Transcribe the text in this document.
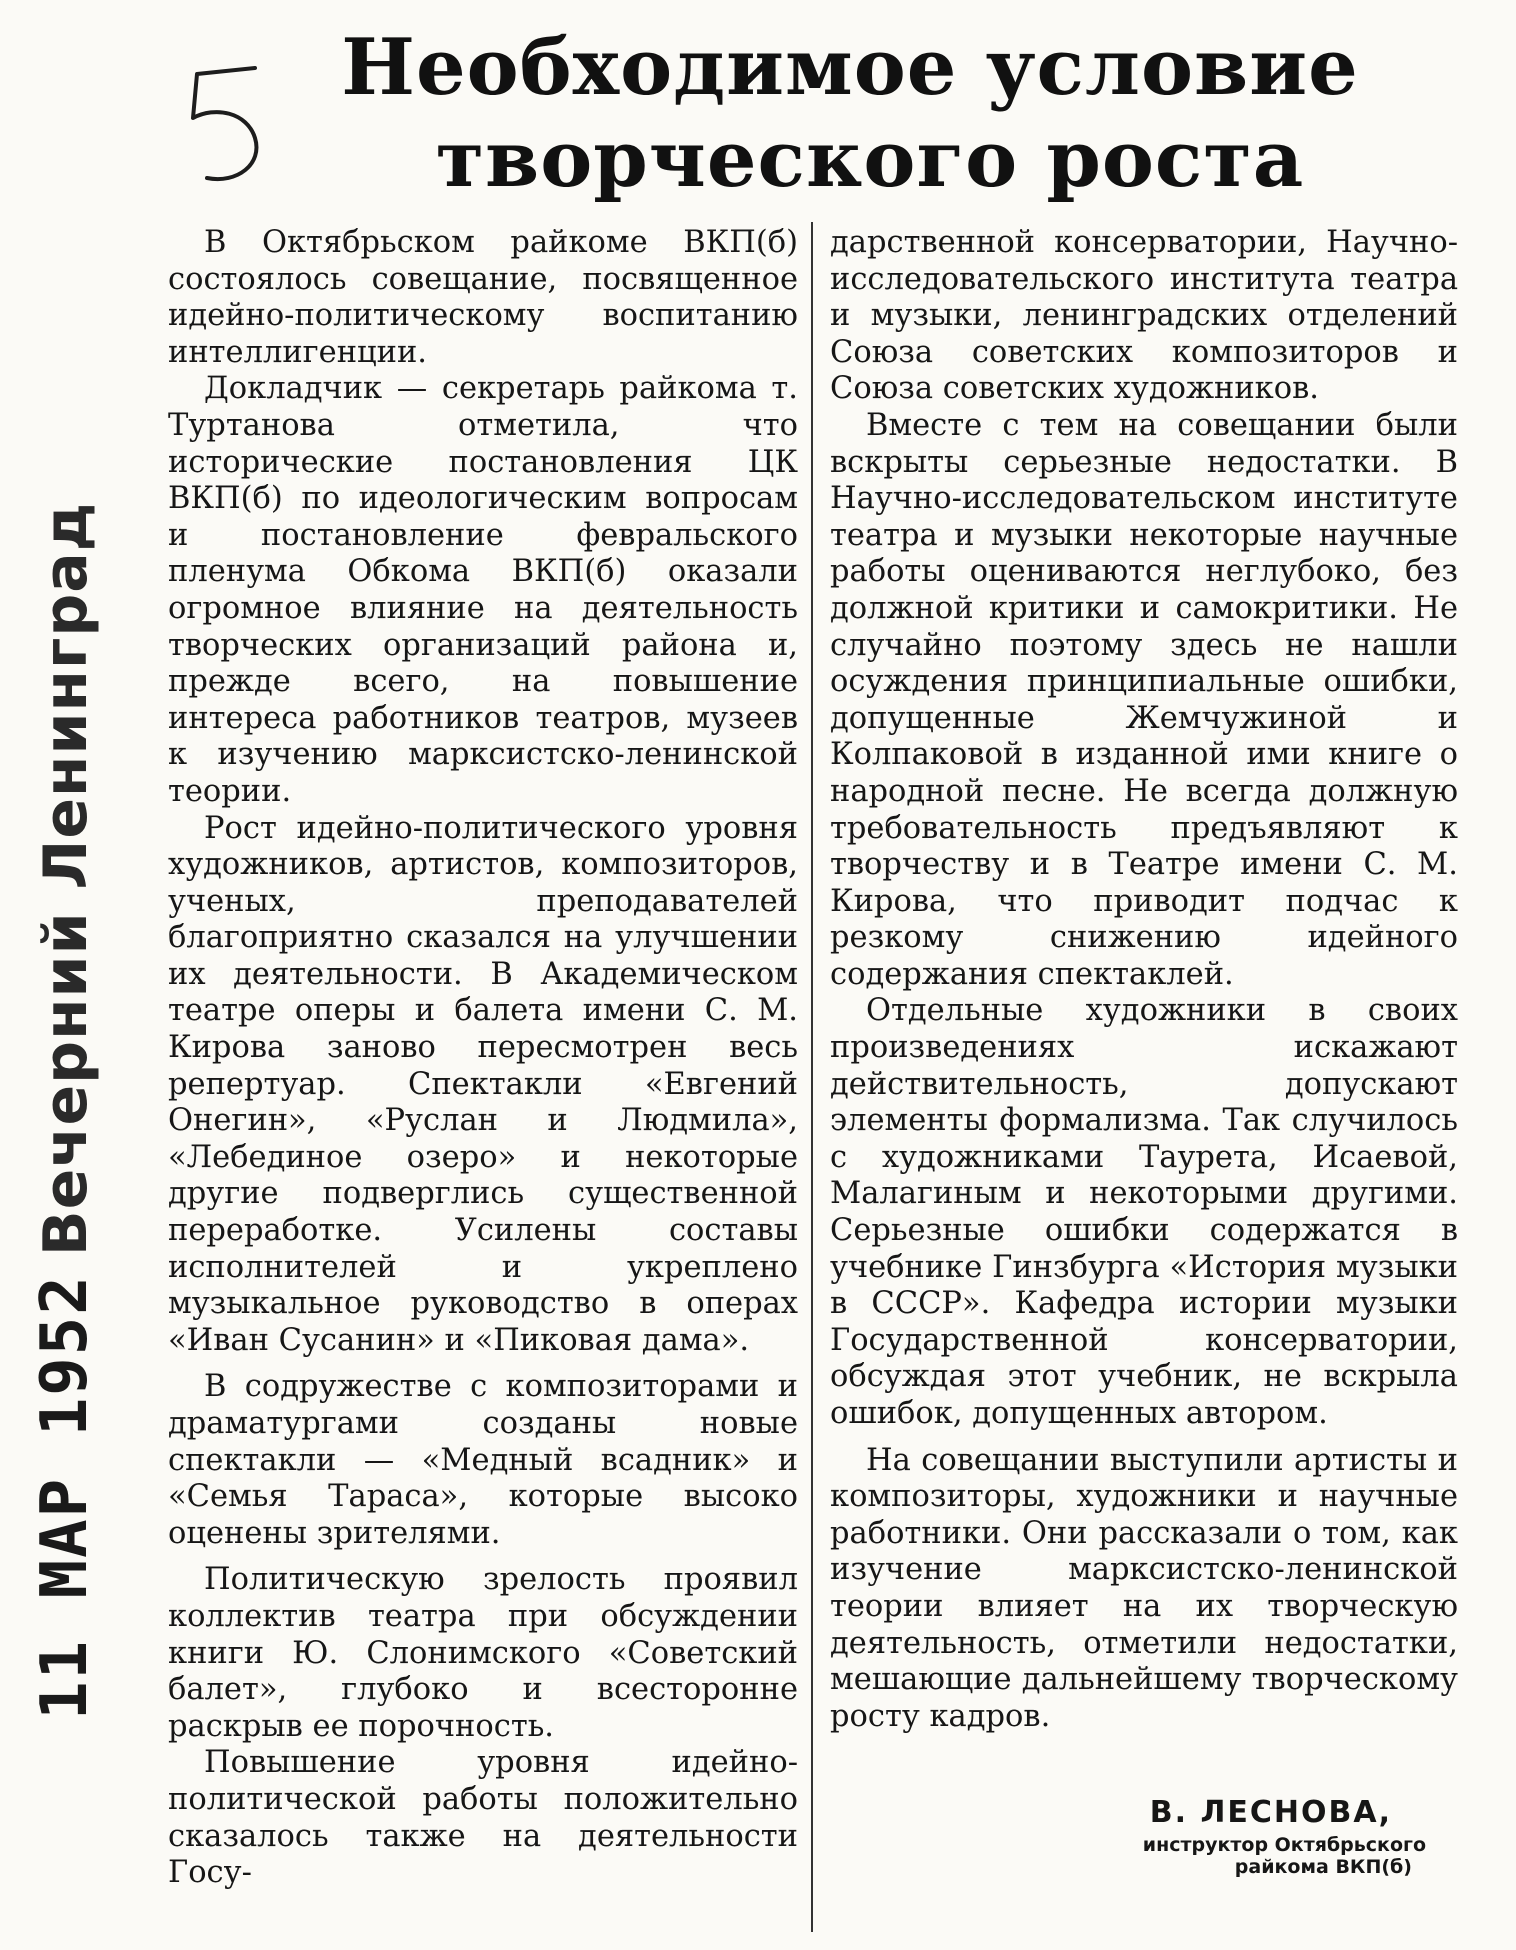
11 МАР 1952
Вечерний Ленинград
Необходимое условие
творческого роста

В Октябрьском райкоме ВКП(б) состоялось совещание, посвященное идейно-политическому воспитанию интеллигенции.

Докладчик — секретарь райкома т. Туртанова отметила, что исторические постановления ЦК ВКП(б) по идеологическим вопросам и постановление февральского пленума Обкома ВКП(б) оказали огромное влияние на деятельность творческих организаций района и, прежде всего, на повышение интереса работников театров, музеев к изучению марксистско-ленинской теории.

Рост идейно-политического уровня художников, артистов, композиторов, ученых, преподавателей благоприятно сказался на улучшении их деятельности. В Академическом театре оперы и балета имени С. М. Кирова заново пересмотрен весь репертуар. Спектакли «Евгений Онегин», «Руслан и Людмила», «Лебединое озеро» и некоторые другие подверглись существенной переработке. Усилены составы исполнителей и укреплено музыкальное руководство в операх «Иван Сусанин» и «Пиковая дама».

В содружестве с композиторами и драматургами созданы новые спектакли — «Медный всадник» и «Семья Тараса», которые высоко оценены зрителями.

Политическую зрелость проявил коллектив театра при обсуждении книги Ю. Слонимского «Советский балет», глубоко и всесторонне раскрыв ее порочность.

Повышение уровня идейно-политической работы положительно сказалось также на деятельности Госу-

дарственной консерватории, Научно-исследовательского института театра и музыки, ленинградских отделений Союза советских композиторов и Союза советских художников.

Вместе с тем на совещании были вскрыты серьезные недостатки. В Научно-исследовательском институте театра и музыки некоторые научные работы оцениваются неглубоко, без должной критики и самокритики. Не случайно поэтому здесь не нашли осуждения принципиальные ошибки, допущенные Жемчужиной и Колпаковой в изданной ими книге о народной песне. Не всегда должную требовательность предъявляют к творчеству и в Театре имени С. М. Кирова, что приводит подчас к резкому снижению идейного содержания спектаклей.

Отдельные художники в своих произведениях искажают действительность, допускают элементы формализма. Так случилось с художниками Таурета, Исаевой, Малагиным и некоторыми другими. Серьезные ошибки содержатся в учебнике Гинзбурга «История музыки в СССР». Кафедра истории музыки Государственной консерватории, обсуждая этот учебник, не вскрыла ошибок, допущенных автором.

На совещании выступили артисты и композиторы, художники и научные работники. Они рассказали о том, как изучение марксистско-ленинской теории влияет на их творческую деятельность, отметили недостатки, мешающие дальнейшему творческому росту кадров.

В. ЛЕСНОВА,
инструктор Октябрьского
райкома ВКП(б)
